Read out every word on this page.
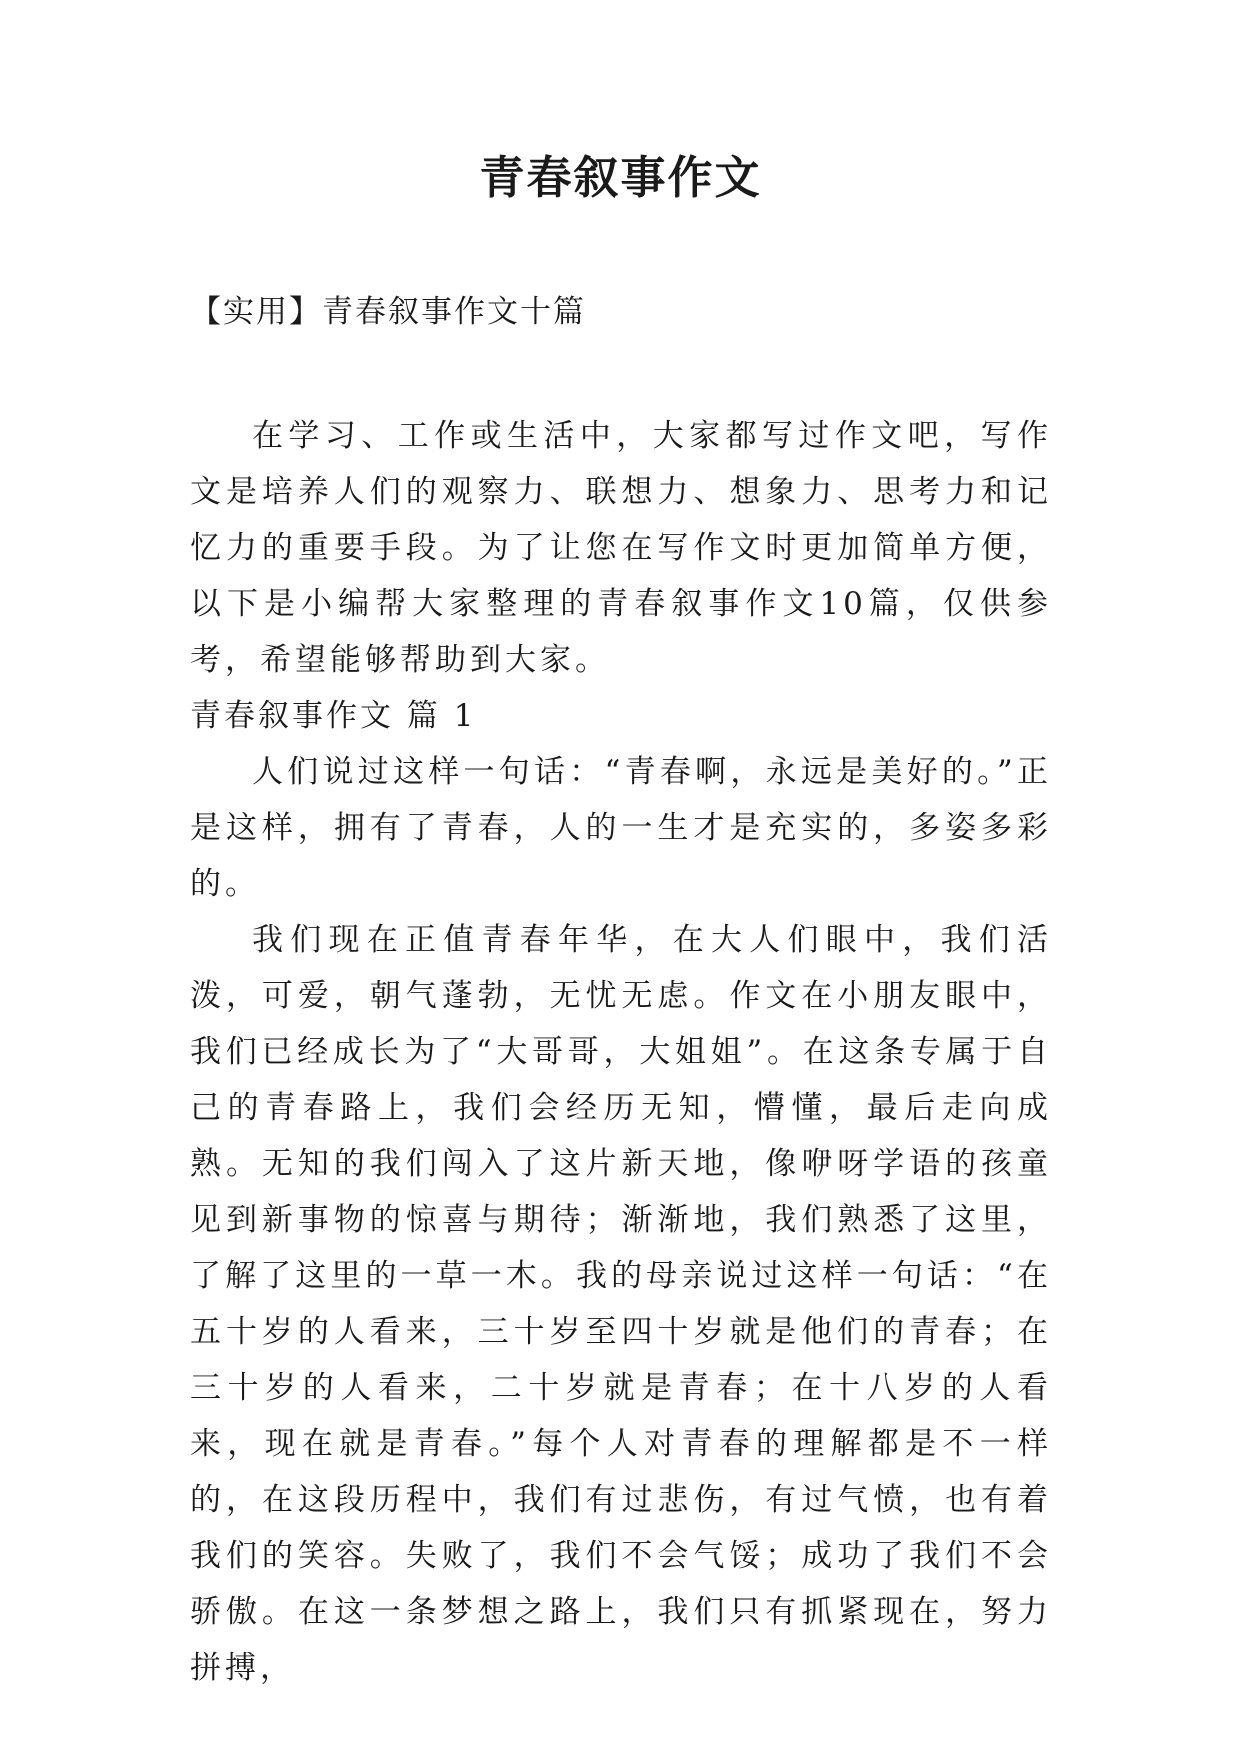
青春叙事作文
【实用】青春叙事作文十篇

在学习、工作或生活中，大家都写过作文吧，写作文是培养人们的观察力、联想力、想象力、思考力和记忆力的重要手段。为了让您在写作文时更加简单方便，以下是小编帮大家整理的青春叙事作文10篇，仅供参考，希望能够帮助到大家。

青春叙事作文 篇 1

人们说过这样一句话：“青春啊，永远是美好的。”正是这样，拥有了青春，人的一生才是充实的，多姿多彩的。

我们现在正值青春年华，在大人们眼中，我们活泼，可爱，朝气蓬勃，无忧无虑。作文在小朋友眼中，我们已经成长为了“大哥哥，大姐姐”。在这条专属于自己的青春路上，我们会经历无知，懵懂，最后走向成熟。无知的我们闯入了这片新天地，像咿呀学语的孩童见到新事物的惊喜与期待；渐渐地，我们熟悉了这里，了解了这里的一草一木。我的母亲说过这样一句话：“在五十岁的人看来，三十岁至四十岁就是他们的青春；在三十岁的人看来，二十岁就是青春；在十八岁的人看来，现在就是青春。”每个人对青春的理解都是不一样的，在这段历程中，我们有过悲伤，有过气愤，也有着我们的笑容。失败了，我们不会气馁；成功了我们不会骄傲。在这一条梦想之路上，我们只有抓紧现在，努力拼搏，
